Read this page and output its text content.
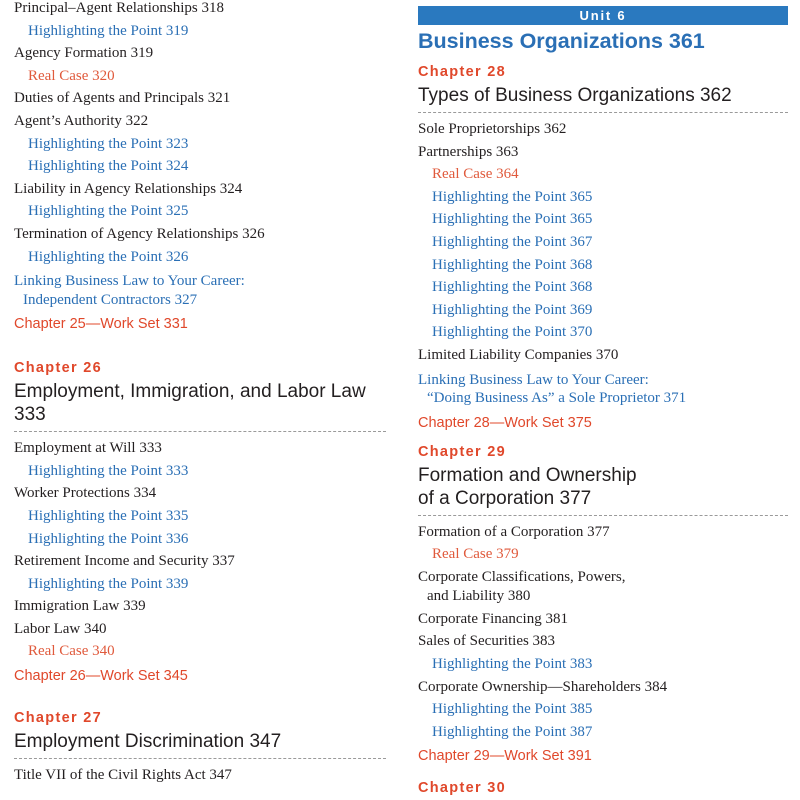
Principal–Agent Relationships 318
Highlighting the Point 319
Agency Formation 319
Real Case 320
Duties of Agents and Principals 321
Agent’s Authority 322
Highlighting the Point 323
Highlighting the Point 324
Liability in Agency Relationships 324
Highlighting the Point 325
Termination of Agency Relationships 326
Highlighting the Point 326
Linking Business Law to Your Career:
Independent Contractors 327
Chapter 25—Work Set 331
Chapter 26
Employment, Immigration, and Labor Law 333
Employment at Will 333
Highlighting the Point 333
Worker Protections 334
Highlighting the Point 335
Highlighting the Point 336
Retirement Income and Security 337
Highlighting the Point 339
Immigration Law 339
Labor Law 340
Real Case 340
Chapter 26—Work Set 345
Chapter 27
Employment Discrimination 347
Title VII of the Civil Rights Act 347
Unit 6
Business Organizations 361
Chapter 28
Types of Business Organizations 362
Sole Proprietorships 362
Partnerships 363
Real Case 364
Highlighting the Point 365
Highlighting the Point 365
Highlighting the Point 367
Highlighting the Point 368
Highlighting the Point 368
Highlighting the Point 369
Highlighting the Point 370
Limited Liability Companies 370
Linking Business Law to Your Career:
“Doing Business As” a Sole Proprietor 371
Chapter 28—Work Set 375
Chapter 29
Formation and Ownership
of a Corporation 377
Formation of a Corporation 377
Real Case 379
Corporate Classifications, Powers,
and Liability 380
Corporate Financing 381
Sales of Securities 383
Highlighting the Point 383
Corporate Ownership—Shareholders 384
Highlighting the Point 385
Highlighting the Point 387
Chapter 29—Work Set 391
Chapter 30
